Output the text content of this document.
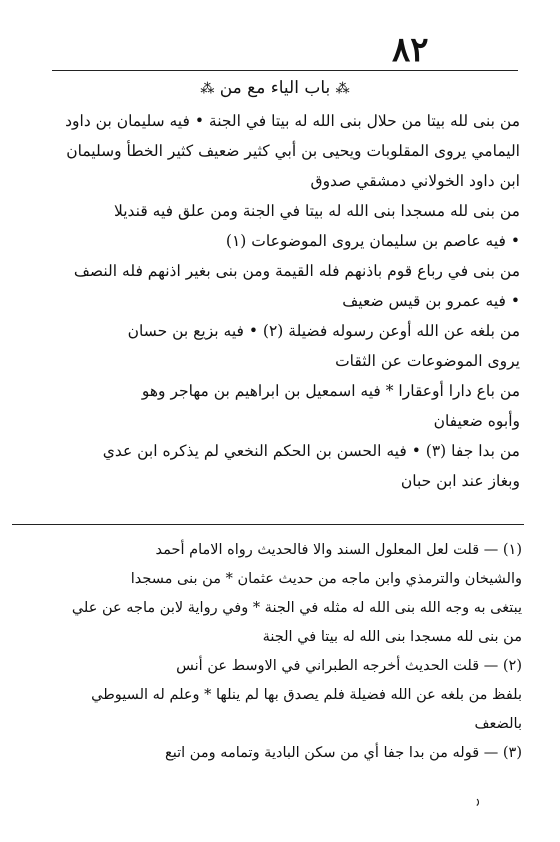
٨٢
⁂ باب الياء مع من ⁂
من بنى لله بيتا من حلال بنى الله له بيتا في الجنة • فيه سليمان بن داود
اليمامي يروى المقلوبات ويحيى بن أبي كثير ضعيف كثير الخطأ وسليمان
ابن داود الخولاني دمشقي صدوق
من بنى لله مسجدا بنى الله له بيتا في الجنة ومن علق فيه قنديلا
• فيه عاصم بن سليمان يروى الموضوعات (١)
من بنى في رباع قوم باذنهم فله القيمة ومن بنى بغير اذنهم فله النصف
• فيه عمرو بن قيس ضعيف
من بلغه عن الله أوعن رسوله فضيلة (٢) • فيه بزيع بن حسان
يروى الموضوعات عن الثقات
من باع دارا أوعقارا * فيه اسمعيل بن ابراهيم بن مهاجر وهو
وأبوه ضعيفان
من بدا جفا (٣) • فيه الحسن بن الحكم النخعي لم يذكره ابن عدي
وبغاز عند ابن حبان
(١) — قلت لعل المعلول السند والا فالحديث رواه الامام أحمد
والشيخان والترمذي وابن ماجه من حديث عثمان * من بنى مسجدا
يبتغى به وجه الله بنى الله له مثله في الجنة * وفي رواية لابن ماجه عن علي
من بنى لله مسجدا بنى الله له بيتا في الجنة
(٢) — قلت الحديث أخرجه الطبراني في الاوسط عن أنس
بلفظ من بلغه عن الله فضيلة فلم يصدق بها لم ينلها * وعلم له السيوطي
بالضعف
(٣) — قوله من بدا جفا أي من سكن البادية وتمامه ومن اتبع
٫
